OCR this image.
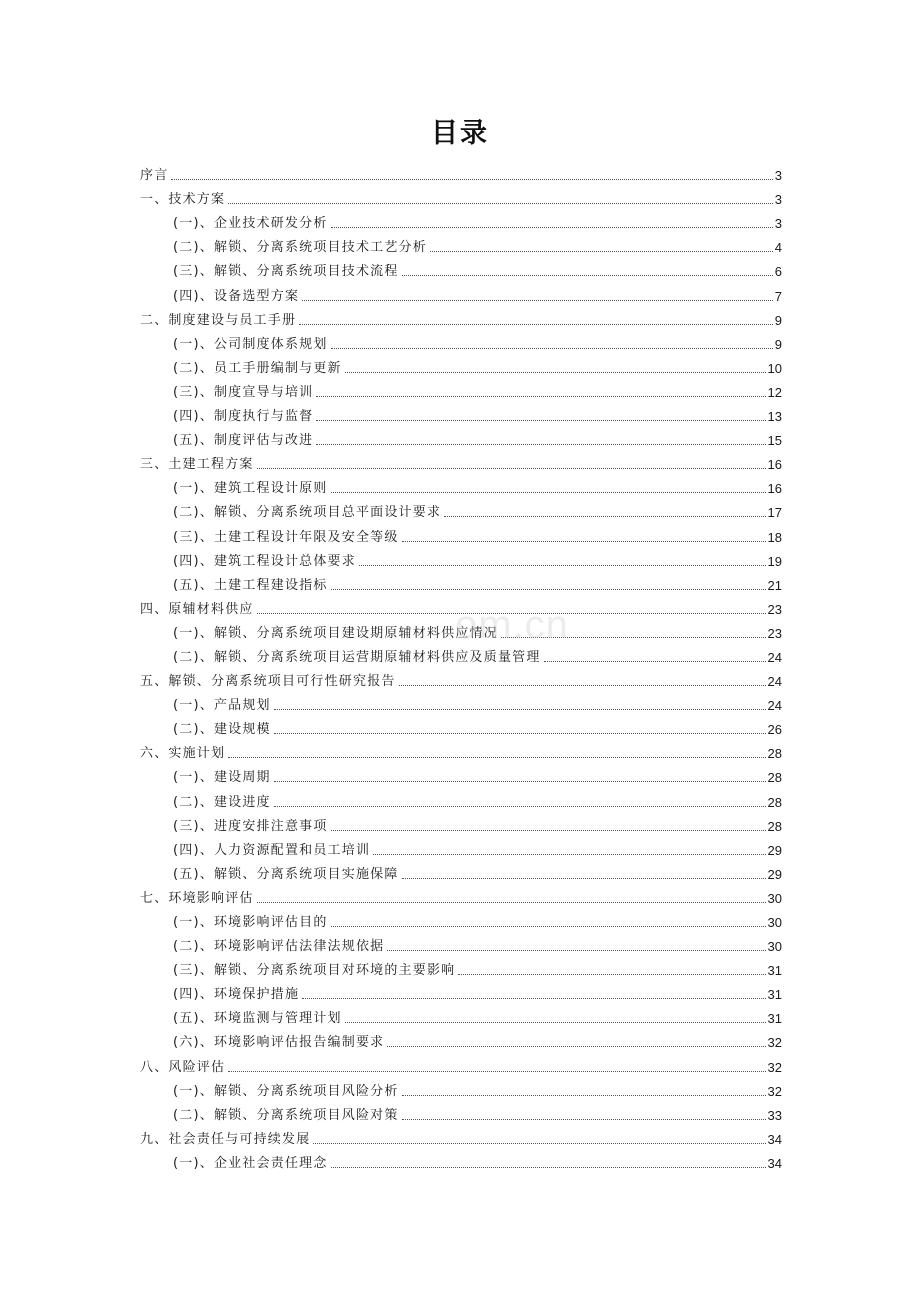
目录
序言	3
一、技术方案	3
(一)、企业技术研发分析	3
(二)、解锁、分离系统项目技术工艺分析	4
(三)、解锁、分离系统项目技术流程	6
(四)、设备选型方案	7
二、制度建设与员工手册	9
(一)、公司制度体系规划	9
(二)、员工手册编制与更新	10
(三)、制度宣导与培训	12
(四)、制度执行与监督	13
(五)、制度评估与改进	15
三、土建工程方案	16
(一)、建筑工程设计原则	16
(二)、解锁、分离系统项目总平面设计要求	17
(三)、土建工程设计年限及安全等级	18
(四)、建筑工程设计总体要求	19
(五)、土建工程建设指标	21
四、原辅材料供应	23
(一)、解锁、分离系统项目建设期原辅材料供应情况	23
(二)、解锁、分离系统项目运营期原辅材料供应及质量管理	24
五、解锁、分离系统项目可行性研究报告	24
(一)、产品规划	24
(二)、建设规模	26
六、实施计划	28
(一)、建设周期	28
(二)、建设进度	28
(三)、进度安排注意事项	28
(四)、人力资源配置和员工培训	29
(五)、解锁、分离系统项目实施保障	29
七、环境影响评估	30
(一)、环境影响评估目的	30
(二)、环境影响评估法律法规依据	30
(三)、解锁、分离系统项目对环境的主要影响	31
(四)、环境保护措施	31
(五)、环境监测与管理计划	31
(六)、环境影响评估报告编制要求	32
八、风险评估	32
(一)、解锁、分离系统项目风险分析	32
(二)、解锁、分离系统项目风险对策	33
九、社会责任与可持续发展	34
(一)、企业社会责任理念	34
om.cn
